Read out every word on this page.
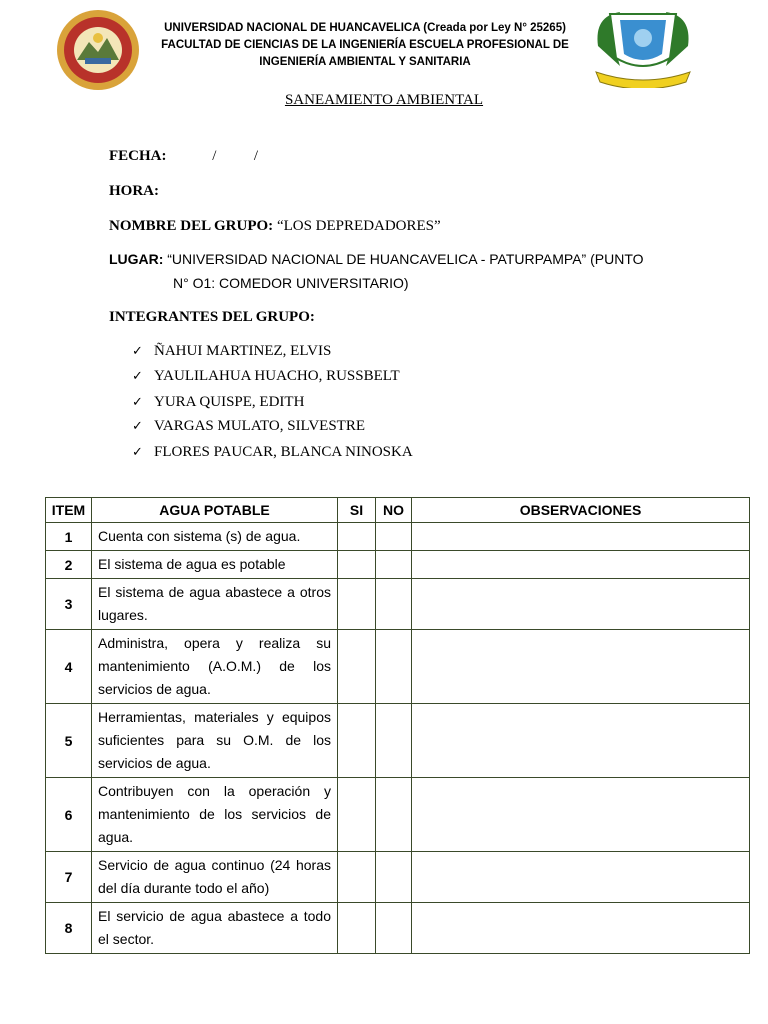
UNIVERSIDAD NACIONAL DE HUANCAVELICA (Creada por Ley N° 25265)
FACULTAD DE CIENCIAS DE LA INGENIERÍA ESCUELA PROFESIONAL DE
INGENIERÍA AMBIENTAL Y SANITARIA
SANEAMIENTO AMBIENTAL
FECHA:	/          /
HORA:
NOMBRE DEL GRUPO: “LOS DEPREDADORES”
LUGAR: “UNIVERSIDAD NACIONAL DE HUANCAVELICA - PATURPAMPA” (PUNTO
N° O1: COMEDOR UNIVERSITARIO)
INTEGRANTES DEL GRUPO:
✓ ÑAHUI MARTINEZ, ELVIS
✓ YAULILAHUA HUACHO, RUSSBELT
✓ YURA QUISPE, EDITH
✓ VARGAS MULATO, SILVESTRE
✓ FLORES PAUCAR, BLANCA NINOSKA
ITEM	AGUA POTABLE	SI	NO	OBSERVACIONES
1	Cuenta con sistema (s) de agua.			
2	El sistema de agua es potable			
3	El sistema de agua abastece a otros lugares.			
4	Administra, opera y realiza su mantenimiento (A.O.M.) de los servicios de agua.			
5	Herramientas, materiales y equipos suficientes para su O.M. de los servicios de agua.			
6	Contribuyen con la operación y mantenimiento de los servicios de agua.			
7	Servicio de agua continuo (24 horas del día durante todo el año)			
8	El servicio de agua abastece a todo el sector.			
